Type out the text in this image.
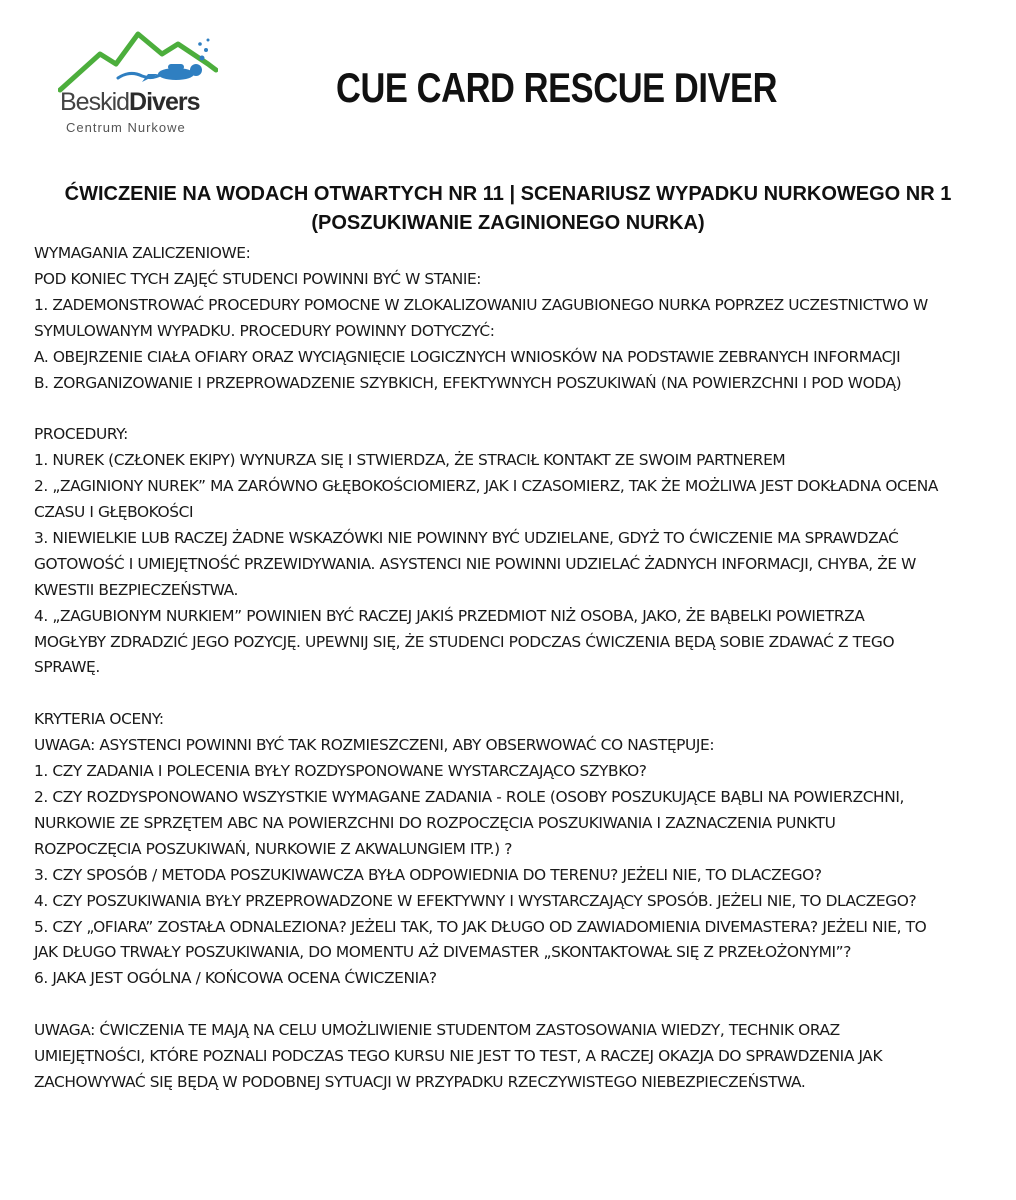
BeskidDivers
Centrum Nurkowe
CUE CARD RESCUE DIVER
ĆWICZENIE NA WODACH OTWARTYCH NR 11 | SCENARIUSZ WYPADKU NURKOWEGO NR 1
(POSZUKIWANIE ZAGINIONEGO NURKA)
WYMAGANIA ZALICZENIOWE:
POD KONIEC TYCH ZAJĘĆ STUDENCI POWINNI BYĆ W STANIE:
1. ZADEMONSTROWAĆ PROCEDURY POMOCNE W ZLOKALIZOWANIU ZAGUBIONEGO NURKA POPRZEZ UCZESTNICTWO W
SYMULOWANYM WYPADKU. PROCEDURY POWINNY DOTYCZYĆ:
A. OBEJRZENIE CIAŁA OFIARY ORAZ WYCIĄGNIĘCIE LOGICZNYCH WNIOSKÓW NA PODSTAWIE ZEBRANYCH INFORMACJI
B. ZORGANIZOWANIE I PRZEPROWADZENIE SZYBKICH, EFEKTYWNYCH POSZUKIWAŃ (NA POWIERZCHNI I POD WODĄ)
PROCEDURY:
1. NUREK (CZŁONEK EKIPY) WYNURZA SIĘ I STWIERDZA, ŻE STRACIŁ KONTAKT ZE SWOIM PARTNEREM
2. „ZAGINIONY NUREK” MA ZARÓWNO GŁĘBOKOŚCIOMIERZ, JAK I CZASOMIERZ, TAK ŻE MOŻLIWA JEST DOKŁADNA OCENA
CZASU I GŁĘBOKOŚCI
3. NIEWIELKIE LUB RACZEJ ŻADNE WSKAZÓWKI NIE POWINNY BYĆ UDZIELANE, GDYŻ TO ĆWICZENIE MA SPRAWDZAĆ
GOTOWOŚĆ I UMIEJĘTNOŚĆ PRZEWIDYWANIA. ASYSTENCI NIE POWINNI UDZIELAĆ ŻADNYCH INFORMACJI, CHYBA, ŻE W
KWESTII BEZPIECZEŃSTWA.
4. „ZAGUBIONYM NURKIEM” POWINIEN BYĆ RACZEJ JAKIŚ PRZEDMIOT NIŻ OSOBA, JAKO, ŻE BĄBELKI POWIETRZA
MOGŁYBY ZDRADZIĆ JEGO POZYCJĘ. UPEWNIJ SIĘ, ŻE STUDENCI PODCZAS ĆWICZENIA BĘDĄ SOBIE ZDAWAĆ Z TEGO
SPRAWĘ.
KRYTERIA OCENY:
UWAGA: ASYSTENCI POWINNI BYĆ TAK ROZMIESZCZENI, ABY OBSERWOWAĆ CO NASTĘPUJE:
1. CZY ZADANIA I POLECENIA BYŁY ROZDYSPONOWANE WYSTARCZAJĄCO SZYBKO?
2. CZY ROZDYSPONOWANO WSZYSTKIE WYMAGANE ZADANIA - ROLE (OSOBY POSZUKUJĄCE BĄBLI NA POWIERZCHNI,
NURKOWIE ZE SPRZĘTEM ABC NA POWIERZCHNI DO ROZPOCZĘCIA POSZUKIWANIA I ZAZNACZENIA PUNKTU
ROZPOCZĘCIA POSZUKIWAŃ, NURKOWIE Z AKWALUNGIEM ITP.) ?
3. CZY SPOSÓB / METODA POSZUKIWAWCZA BYŁA ODPOWIEDNIA DO TERENU? JEŻELI NIE, TO DLACZEGO?
4. CZY POSZUKIWANIA BYŁY PRZEPROWADZONE W EFEKTYWNY I WYSTARCZAJĄCY SPOSÓB. JEŻELI NIE, TO DLACZEGO?
5. CZY „OFIARA” ZOSTAŁA ODNALEZIONA? JEŻELI TAK, TO JAK DŁUGO OD ZAWIADOMIENIA DIVEMASTERA? JEŻELI NIE, TO
JAK DŁUGO TRWAŁY POSZUKIWANIA, DO MOMENTU AŻ DIVEMASTER „SKONTAKTOWAŁ SIĘ Z PRZEŁOŻONYMI”?
6. JAKA JEST OGÓLNA / KOŃCOWA OCENA ĆWICZENIA?
UWAGA: ĆWICZENIA TE MAJĄ NA CELU UMOŻLIWIENIE STUDENTOM ZASTOSOWANIA WIEDZY, TECHNIK ORAZ
UMIEJĘTNOŚCI, KTÓRE POZNALI PODCZAS TEGO KURSU NIE JEST TO TEST, A RACZEJ OKAZJA DO SPRAWDZENIA JAK
ZACHOWYWAĆ SIĘ BĘDĄ W PODOBNEJ SYTUACJI W PRZYPADKU RZECZYWISTEGO NIEBEZPIECZEŃSTWA.
